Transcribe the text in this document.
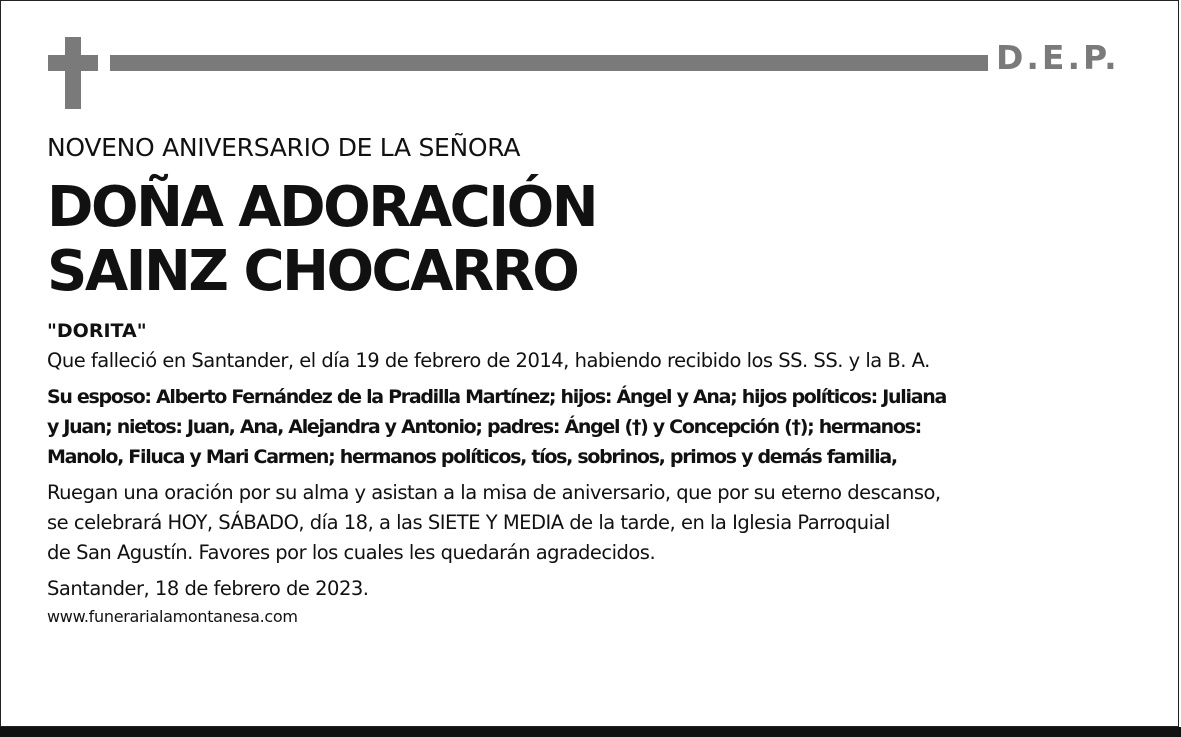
D.E.P.

NOVENO ANIVERSARIO DE LA SEÑORA

DOÑA ADORACIÓN

SAINZ CHOCARRO

"DORITA"

Que falleció en Santander, el día 19 de febrero de 2014, habiendo recibido los SS. SS. y la B. A.

Su esposo: Alberto Fernández de la Pradilla Martínez; hijos: Ángel y Ana; hijos políticos: Juliana

y Juan; nietos: Juan, Ana, Alejandra y Antonio; padres: Ángel (†) y Concepción (†); hermanos:

Manolo, Filuca y Mari Carmen; hermanos políticos, tíos, sobrinos, primos y demás familia,

Ruegan una oración por su alma y asistan a la misa de aniversario, que por su eterno descanso,

se celebrará HOY, SÁBADO, día 18, a las SIETE Y MEDIA de la tarde, en la Iglesia Parroquial

de San Agustín. Favores por los cuales les quedarán agradecidos.

Santander, 18 de febrero de 2023.

www.funerarialamontanesa.com
